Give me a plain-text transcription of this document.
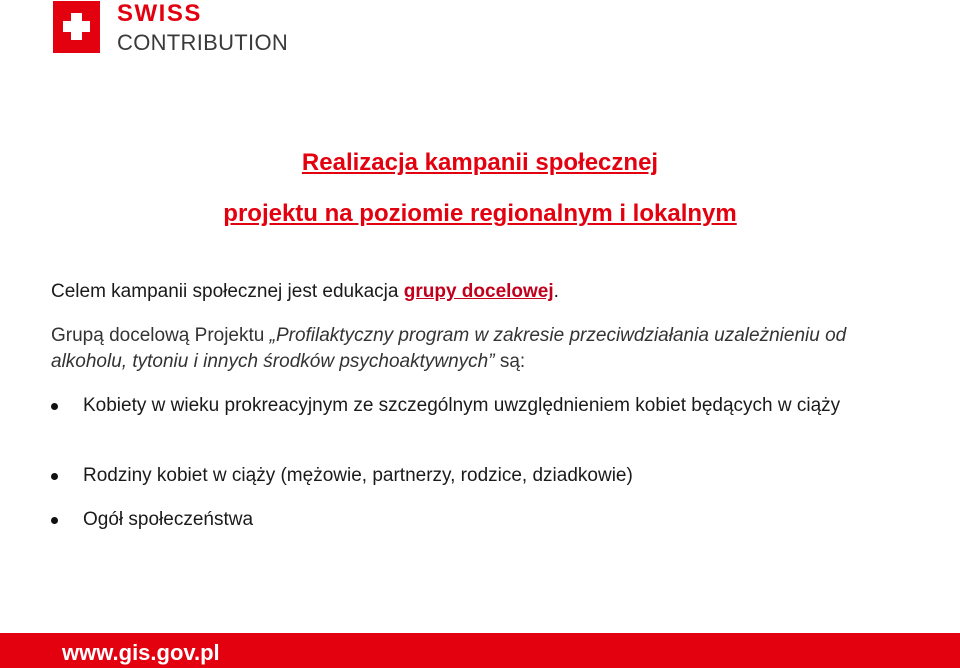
SWISS
CONTRIBUTION
Realizacja kampanii społecznej
projektu na poziomie regionalnym i lokalnym
Celem kampanii społecznej jest edukacja grupy docelowej.
Grupą docelową Projektu „Profilaktyczny program w zakresie przeciwdziałania uzależnieniu od alkoholu, tytoniu i innych środków psychoaktywnych” są:
Kobiety w wieku prokreacyjnym ze szczególnym uwzględnieniem kobiet będących w ciąży
Rodziny kobiet w ciąży (mężowie, partnerzy, rodzice, dziadkowie)
Ogół społeczeństwa
www.gis.gov.pl
